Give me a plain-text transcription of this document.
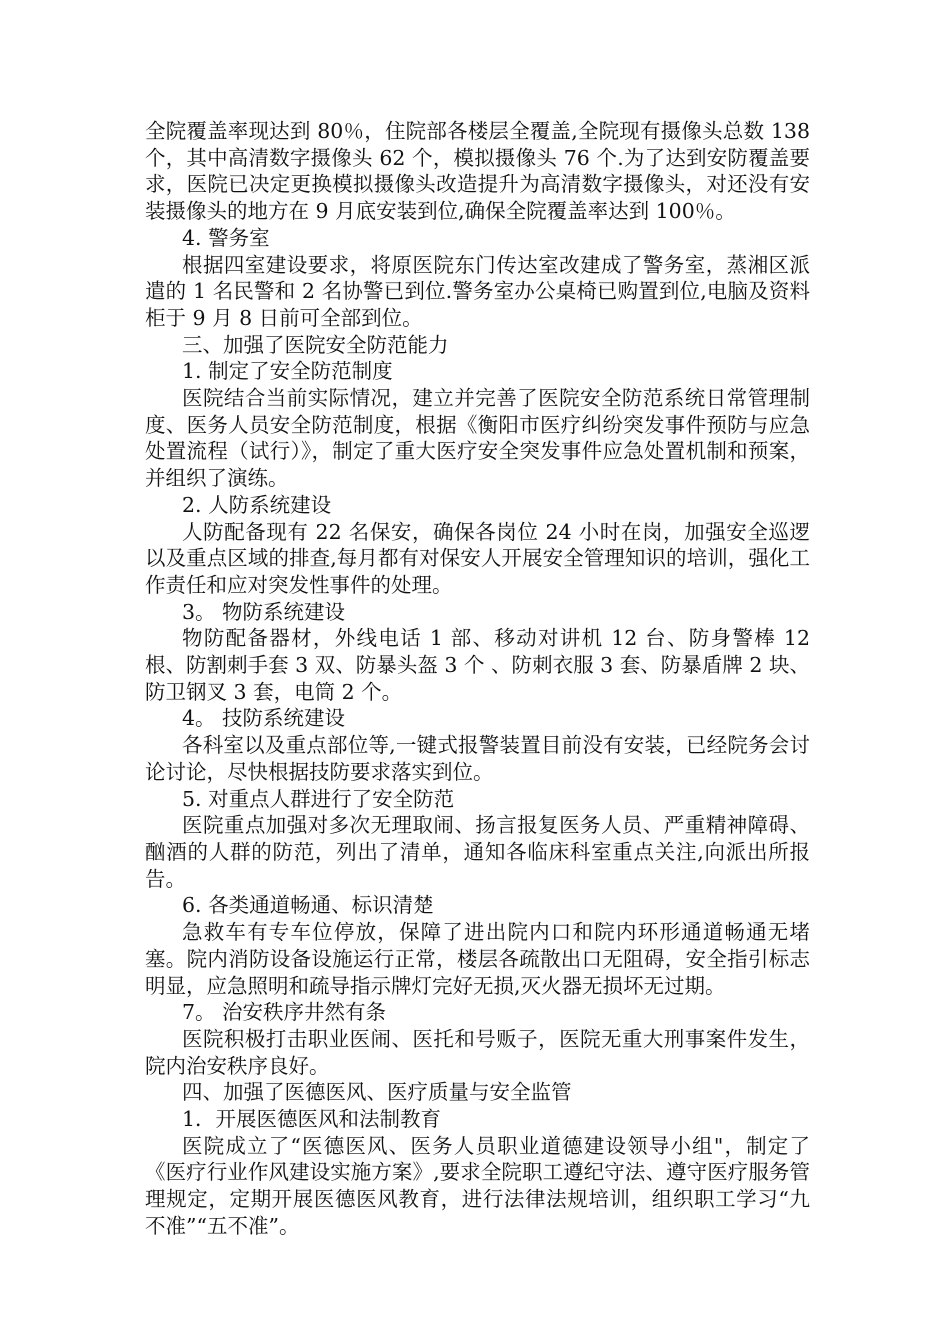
全院覆盖率现达到 80％，住院部各楼层全覆盖,全院现有摄像头总数 138 个，其中高清数字摄像头 62 个，模拟摄像头 76 个.为了达到安防覆盖要求，医院已决定更换模拟摄像头改造提升为高清数字摄像头，对还没有安装摄像头的地方在 9 月底安装到位,确保全院覆盖率达到 100％。

4. 警务室

根据四室建设要求，将原医院东门传达室改建成了警务室，蒸湘区派遣的 1 名民警和 2 名协警已到位.警务室办公桌椅已购置到位,电脑及资料柜于 9 月 8 日前可全部到位。

三、加强了医院安全防范能力

1. 制定了安全防范制度

医院结合当前实际情况，建立并完善了医院安全防范系统日常管理制度、医务人员安全防范制度，根据《衡阳市医疗纠纷突发事件预防与应急处置流程（试行）》，制定了重大医疗安全突发事件应急处置机制和预案，并组织了演练。

2. 人防系统建设

人防配备现有 22 名保安，确保各岗位 24 小时在岗，加强安全巡逻以及重点区域的排查,每月都有对保安人开展安全管理知识的培训，强化工作责任和应对突发性事件的处理。

3。 物防系统建设

物防配备器材，外线电话 1 部、移动对讲机 12 台、防身警棒 12 根、防割刺手套 3 双、防暴头盔 3 个 、防刺衣服 3 套、防暴盾牌 2 块、防卫钢叉 3 套，电筒 2 个。

4。 技防系统建设

各科室以及重点部位等,一键式报警装置目前没有安装，已经院务会讨论讨论，尽快根据技防要求落实到位。

5. 对重点人群进行了安全防范

医院重点加强对多次无理取闹、扬言报复医务人员、严重精神障碍、酗酒的人群的防范，列出了清单，通知各临床科室重点关注,向派出所报告。

6. 各类通道畅通、标识清楚

急救车有专车位停放，保障了进出院内口和院内环形通道畅通无堵塞。院内消防设备设施运行正常，楼层各疏散出口无阻碍，安全指引标志明显，应急照明和疏导指示牌灯完好无损,灭火器无损坏无过期。

7。 治安秩序井然有条

医院积极打击职业医闹、医托和号贩子，医院无重大刑事案件发生，院内治安秩序良好。

四、加强了医德医风、医疗质量与安全监管

1．开展医德医风和法制教育

医院成立了“医德医风、医务人员职业道德建设领导小组"，制定了《医疗行业作风建设实施方案》,要求全院职工遵纪守法、遵守医疗服务管理规定，定期开展医德医风教育，进行法律法规培训，组织职工学习“九不准”“五不准”。
